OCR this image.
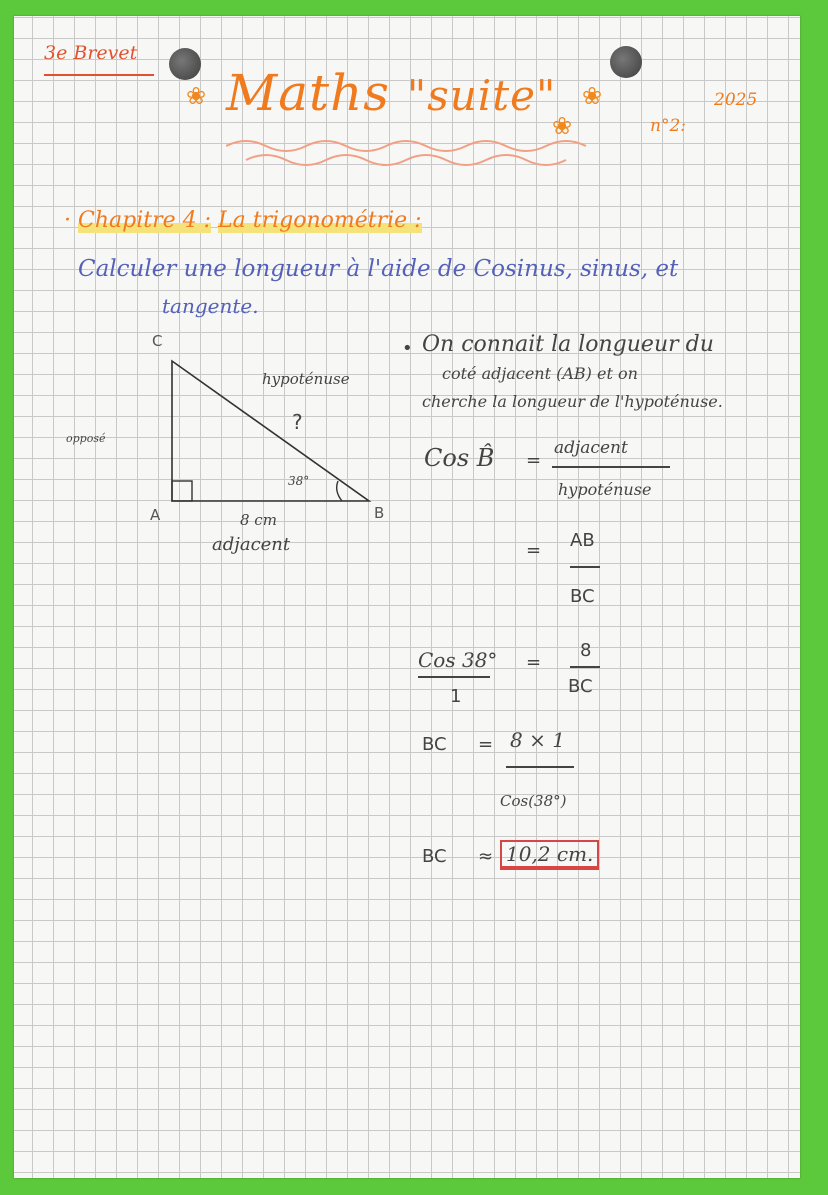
3e Brevet
❀ Maths "suite"
❀
❀
n°2:
2025
· Chapitre 4 : La trigonométrie :
Calculer une longueur à l'aide de Cosinus, sinus, et
tangente.
C
A	B
hypoténuse
?
38°
8 cm
adjacent
opposé
• On connait la longueur du
coté adjacent (AB) et on
cherche la longueur de l'hypoténuse.
Cos B̂ =
adjacent
hypoténuse
= AB
BC
Cos 38°
1
=
8
BC
BC = 8 × 1
Cos(38°)
BC ≈ 10,2 cm.
